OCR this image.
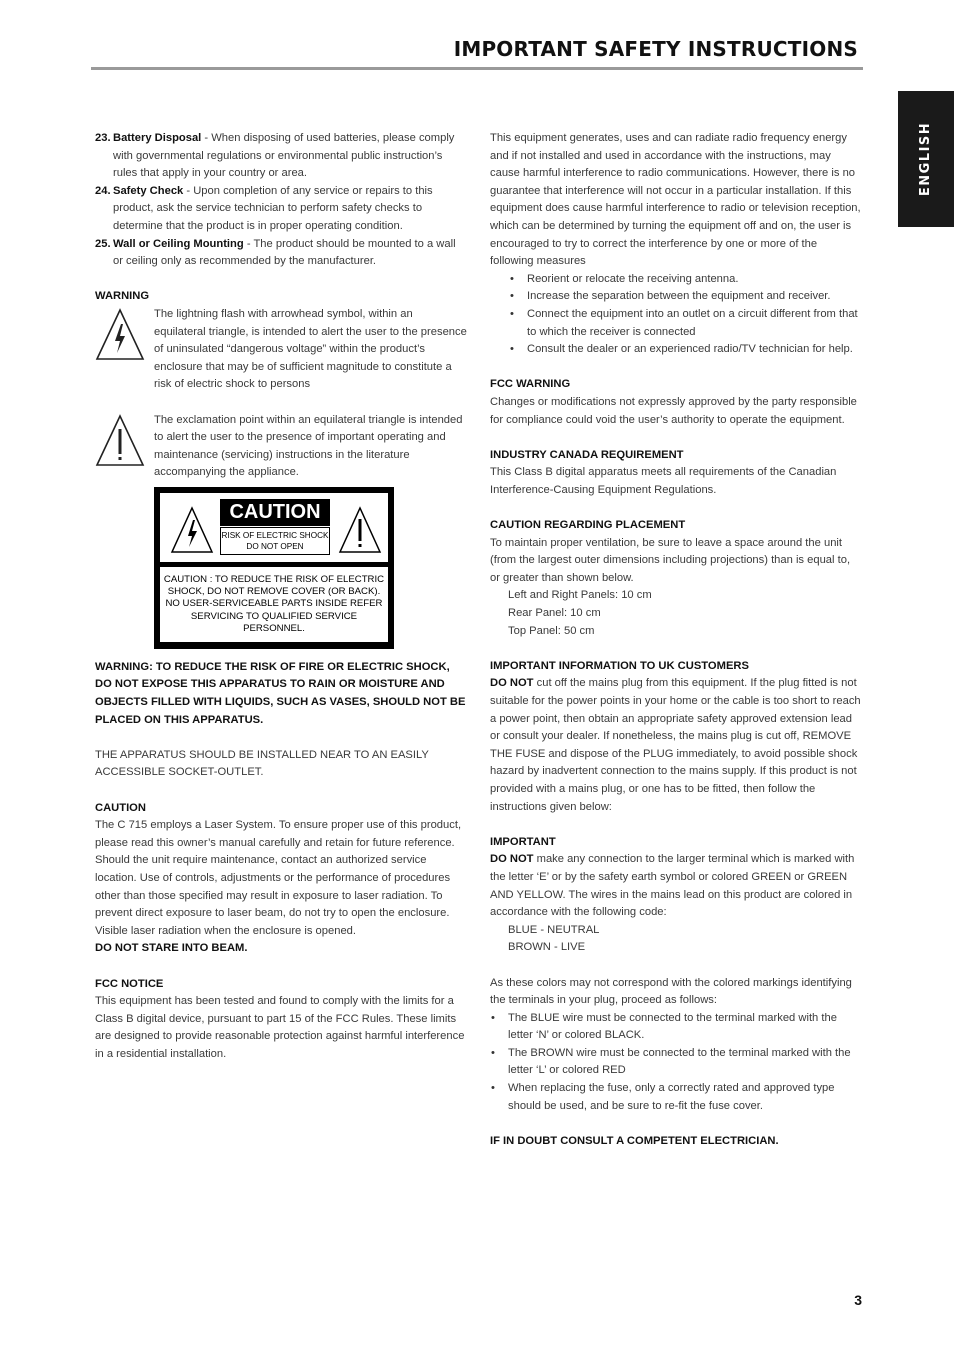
IMPORTANT SAFETY INSTRUCTIONS
ENGLISH
23. Battery Disposal - When disposing of used batteries, please comply with governmental regulations or environmental public instruction’s rules that apply in your country or area.
24. Safety Check - Upon completion of any service or repairs to this product, ask the service technician to perform safety checks to determine that the product is in proper operating condition.
25. Wall or Ceiling Mounting - The product should be mounted to a wall or ceiling only as recommended by the manufacturer.

WARNING

The lightning flash with arrowhead symbol, within an equilateral triangle, is intended to alert the user to the presence of uninsulated “dangerous voltage” within the product’s enclosure that may be of sufficient magnitude to constitute a risk of electric shock to persons

The exclamation point within an equilateral triangle is intended to alert the user to the presence of important operating and maintenance (servicing) instructions in the literature accompanying the appliance.

CAUTION
RISK OF ELECTRIC SHOCK DO NOT OPEN
CAUTION : TO REDUCE THE RISK OF ELECTRIC SHOCK, DO NOT REMOVE COVER (OR BACK). NO USER-SERVICEABLE PARTS INSIDE REFER SERVICING TO QUALIFIED SERVICE PERSONNEL.

WARNING: TO REDUCE THE RISK OF FIRE OR ELECTRIC SHOCK, DO NOT EXPOSE THIS APPARATUS TO RAIN OR MOISTURE AND OBJECTS FILLED WITH LIQUIDS, SUCH AS VASES, SHOULD NOT BE PLACED ON THIS APPARATUS.

THE APPARATUS SHOULD BE INSTALLED NEAR TO AN EASILY ACCESSIBLE SOCKET-OUTLET.

CAUTION

The C 715 employs a Laser System. To ensure proper use of this product, please read this owner’s manual carefully and retain for future reference. Should the unit require maintenance, contact an authorized service location. Use of controls, adjustments or the performance of procedures other than those specified may result in exposure to laser radiation. To prevent direct exposure to laser beam, do not try to open the enclosure. Visible laser radiation when the enclosure is opened.

DO NOT STARE INTO BEAM.

FCC NOTICE

This equipment has been tested and found to comply with the limits for a Class B digital device, pursuant to part 15 of the FCC Rules. These limits are designed to provide reasonable protection against harmful interference in a residential installation.

This equipment generates, uses and can radiate radio frequency energy and if not installed and used in accordance with the instructions, may cause harmful interference to radio communications. However, there is no guarantee that interference will not occur in a particular installation. If this equipment does cause harmful interference to radio or television reception, which can be determined by turning the equipment off and on, the user is encouraged to try to correct the interference by one or more of the following measures

• Reorient or relocate the receiving antenna.
• Increase the separation between the equipment and receiver.
• Connect the equipment into an outlet on a circuit different from that to which the receiver is connected
• Consult the dealer or an experienced radio/TV technician for help.

FCC WARNING

Changes or modifications not expressly approved by the party responsible for compliance could void the user’s authority to operate the equipment.

INDUSTRY CANADA REQUIREMENT

This Class B digital apparatus meets all requirements of the Canadian Interference-Causing Equipment Regulations.

CAUTION REGARDING PLACEMENT

To maintain proper ventilation, be sure to leave a space around the unit (from the largest outer dimensions including projections) than is equal to, or greater than shown below.

Left and Right Panels: 10 cm

Rear Panel: 10 cm

Top Panel: 50 cm

IMPORTANT INFORMATION TO UK CUSTOMERS

DO NOT cut off the mains plug from this equipment. If the plug fitted is not suitable for the power points in your home or the cable is too short to reach a power point, then obtain an appropriate safety approved extension lead or consult your dealer. If nonetheless, the mains plug is cut off, REMOVE THE FUSE and dispose of the PLUG immediately, to avoid possible shock hazard by inadvertent connection to the mains supply. If this product is not provided with a mains plug, or one has to be fitted, then follow the instructions given below:

IMPORTANT

DO NOT make any connection to the larger terminal which is marked with the letter ‘E’ or by the safety earth symbol or colored GREEN or GREEN AND YELLOW. The wires in the mains lead on this product are colored in accordance with the following code:

BLUE - NEUTRAL

BROWN - LIVE

As these colors may not correspond with the colored markings identifying the terminals in your plug, proceed as follows:

• The BLUE wire must be connected to the terminal marked with the letter ‘N’ or colored BLACK.
• The BROWN wire must be connected to the terminal marked with the letter ‘L’ or colored RED
• When replacing the fuse, only a correctly rated and approved type should be used, and be sure to re-fit the fuse cover.

IF IN DOUBT CONSULT A COMPETENT ELECTRICIAN.

3
